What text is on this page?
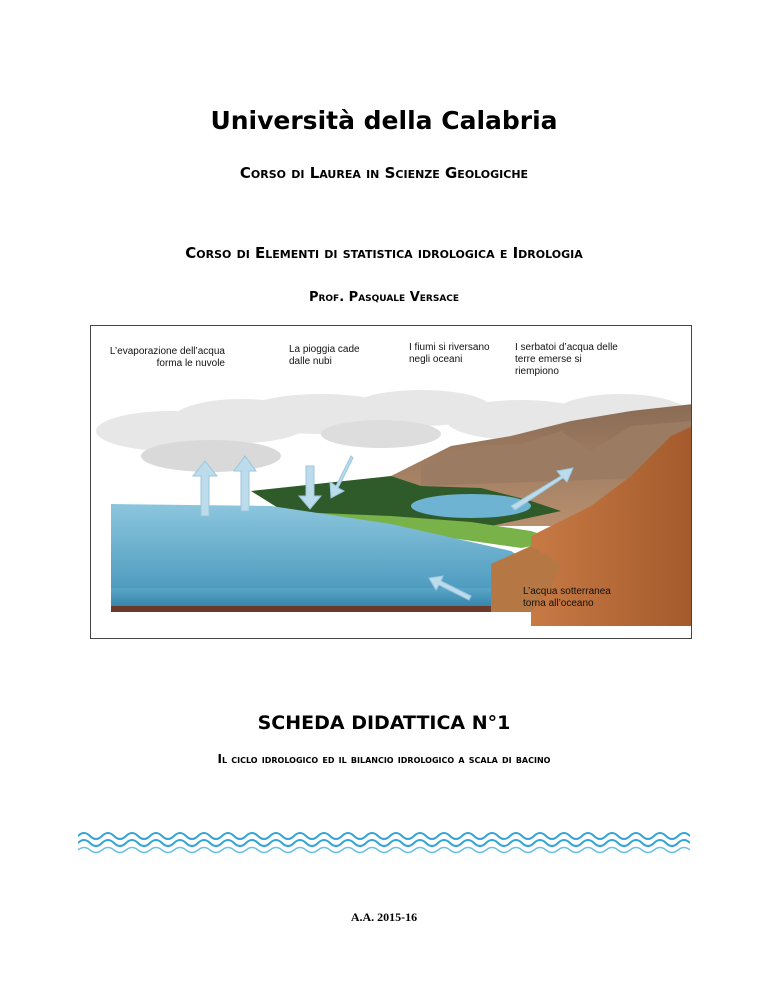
Università della Calabria
Corso di Laurea in Scienze Geologiche
Corso di Elementi di statistica idrologica e Idrologia
Prof. Pasquale Versace
L’evaporazione dell’acqua
forma le nuvole
La pioggia cade
dalle nubi
I fiumi si riversano
negli oceani
I serbatoi d’acqua delle
terre emerse si
riempiono
L’acqua sotterranea
torna all’oceano
SCHEDA DIDATTICA N°1
Il ciclo idrologico ed il bilancio idrologico a scala di bacino
A.A. 2015-16
